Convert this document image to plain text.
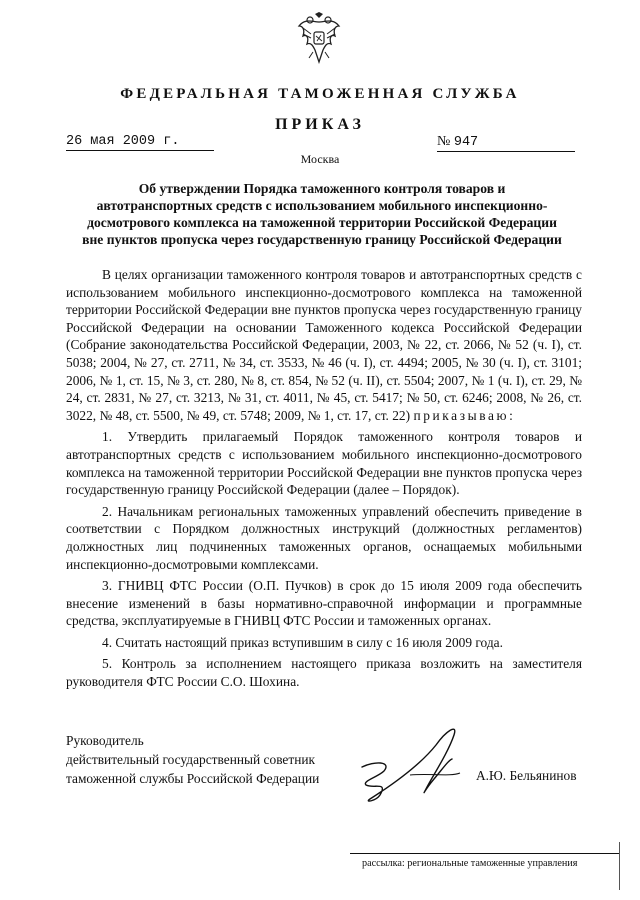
ФЕДЕРАЛЬНАЯ ТАМОЖЕННАЯ СЛУЖБА
ПРИКАЗ
26 мая 2009 г.	№ 947
Москва
Об утверждении Порядка таможенного контроля товаров и
автотранспортных средств с использованием мобильного инспекционно-
досмотрового комплекса на таможенной территории Российской Федерации
вне пунктов пропуска через государственную границу Российской Федерации

В целях организации таможенного контроля товаров и автотранспортных средств с использованием мобильного инспекционно-досмотрового комплекса на таможенной территории Российской Федерации вне пунктов пропуска через государственную границу Российской Федерации на основании Таможенного кодекса Российской Федерации (Собрание законодательства Российской Федерации, 2003, № 22, ст. 2066, № 52 (ч. I), ст. 5038; 2004, № 27, ст. 2711, № 34, ст. 3533, № 46 (ч. I), ст. 4494; 2005, № 30 (ч. I), ст. 3101; 2006, № 1, ст. 15, № 3, ст. 280, № 8, ст. 854, № 52 (ч. II), ст. 5504; 2007, № 1 (ч. I), ст. 29, № 24, ст. 2831, № 27, ст. 3213, № 31, ст. 4011, № 45, ст. 5417; № 50, ст. 6246; 2008, № 26, ст. 3022, № 48, ст. 5500, № 49, ст. 5748; 2009, № 1, ст. 17, ст. 22) приказываю:

1. Утвердить прилагаемый Порядок таможенного контроля товаров и автотранспортных средств с использованием мобильного инспекционно-досмотрового комплекса на таможенной территории Российской Федерации вне пунктов пропуска через государственную границу Российской Федерации (далее – Порядок).

2. Начальникам региональных таможенных управлений обеспечить приведение в соответствии с Порядком должностных инструкций (должностных регламентов) должностных лиц подчиненных таможенных органов, оснащаемых мобильными инспекционно-досмотровыми комплексами.

3. ГНИВЦ ФТС России (О.П. Пучков) в срок до 15 июля 2009 года обеспечить внесение изменений в базы нормативно-справочной информации и программные средства, эксплуатируемые в ГНИВЦ ФТС России и таможенных органах.

4. Считать настоящий приказ вступившим в силу с 16 июля 2009 года.

5. Контроль за исполнением настоящего приказа возложить на заместителя руководителя ФТС России С.О. Шохина.

Руководитель
действительный государственный советник
таможенной службы Российской Федерации	А.Ю. Бельянинов
рассылка: региональные таможенные управления
